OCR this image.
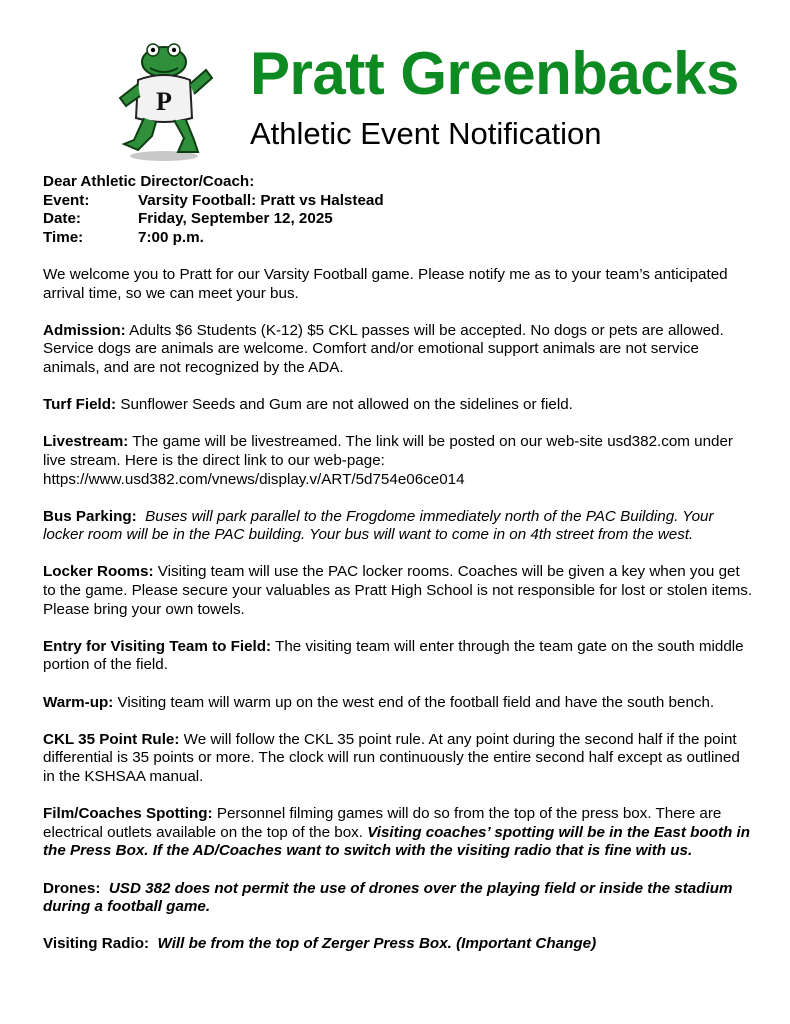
P Pratt Greenbacks
Athletic Event Notification
Dear Athletic Director/Coach:
Event:	Varsity Football: Pratt vs Halstead
Date:	Friday, September 12, 2025
Time:	7:00 p.m.

We welcome you to Pratt for our Varsity Football game. Please notify me as to your team’s anticipated arrival time, so we can meet your bus.

Admission: Adults $6 Students (K-12) $5 CKL passes will be accepted. No dogs or pets are allowed. Service dogs are animals are welcome. Comfort and/or emotional support animals are not service animals, and are not recognized by the ADA.

Turf Field: Sunflower Seeds and Gum are not allowed on the sidelines or field.

Livestream: The game will be livestreamed. The link will be posted on our web-site usd382.com under live stream. Here is the direct link to our web-page:
https://www.usd382.com/vnews/display.v/ART/5d754e06ce014

Bus Parking: Buses will park parallel to the Frogdome immediately north of the PAC Building. Your locker room will be in the PAC building. Your bus will want to come in on 4th street from the west.

Locker Rooms: Visiting team will use the PAC locker rooms. Coaches will be given a key when you get to the game. Please secure your valuables as Pratt High School is not responsible for lost or stolen items. Please bring your own towels.

Entry for Visiting Team to Field: The visiting team will enter through the team gate on the south middle portion of the field.

Warm-up: Visiting team will warm up on the west end of the football field and have the south bench.

CKL 35 Point Rule: We will follow the CKL 35 point rule. At any point during the second half if the point differential is 35 points or more. The clock will run continuously the entire second half except as outlined in the KSHSAA manual.

Film/Coaches Spotting: Personnel filming games will do so from the top of the press box. There are electrical outlets available on the top of the box. Visiting coaches’ spotting will be in the East booth in the Press Box. If the AD/Coaches want to switch with the visiting radio that is fine with us.

Drones: USD 382 does not permit the use of drones over the playing field or inside the stadium during a football game.

Visiting Radio: Will be from the top of Zerger Press Box. (Important Change)
